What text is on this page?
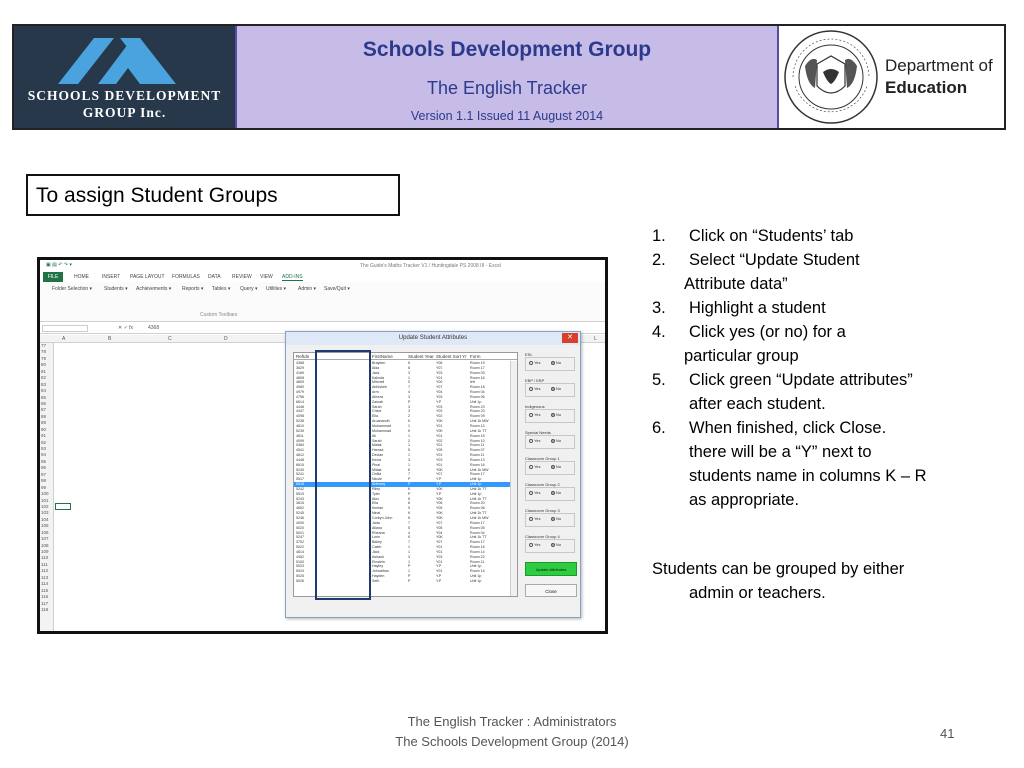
SCHOOLS DEVELOPMENT
GROUP Inc.
Schools Development Group
The English Tracker
Version 1.1 Issued 11 August 2014
Department of
Education
To assign Student Groups
▣ ▤ ↶ ↷ ▾	The Guide's Maths Tracker V1 / Huntingdale PS 2008 III - Excel
FILE	HOME	INSERT PAGE LAYOUT FORMULAS DATA REVIEW VIEW ADD-INS
Folder Selection ▾ Students ▾ Achievements ▾ Reports ▾ Tables ▾ Query ▾ Utilities ▾ Admin ▾ Save/Quit ▾
Custom Toolbars
✕ ✓ fx	4368
A	B	C	D	L
77
78
79
80
81
82
83
84
85
86
87
88
89
90
91
92
93
94
95
96
97
98
99
100
101
102
103
104
105
106
107
108
109
110
111
112
113
114
115
116
117
118
Update Student Attributes	✕
RefIdn	FirstName	Student Year Student Sort Yr Form
4368	Brayden	K	Y06	Room 19
3629	Alda	6	Y07	Room 17
4169	Jack	3	Y03	Room 03
4808	Kalinda	1	Y01	Room 16
4809	Mitchell	0	Y00	left
4980	Abhishek	7	Y07	Room 18
4979	Arm	4	Y04	Room 04
4756	Alireza	3	Y03	Room 06
6614	Zainab	P	Y.P	Unit 1p
4446	Sarah	3	Y03	Room 23
4447	Chloe	3	Y03	Room 23
4098	Ella	2	Y02	Room 09
5238	Aruanandh	K	Y0K	Unit 1k MW
4810	Muhammad	1	Y01	Room 14
5239	Muhammad	K	Y0K	Unit 1k TT
4811	Ali	1	Y01	Room 15
4099	Sarah	2	Y02	Room 10
5384	Malak	1	Y01	Room 11
4541	Hamza	5	Y05	Room 07
4812	Declan	1	Y01	Room 11
4448	Kevla	3	Y03	Room 13
6615	Pinal	1	Y01	Room 16
5240	Milala	K	Y0K	Unit 1k MW
5241	Onilla	7	Y07	Room 17
5517	Nicole	P	Y.P	Unit 1p
5518	Anthony	P	Y.P	Unit 1p
5242	Riley	K	Y0K	Unit 1k TT
5519	Tyler	P	Y.P	Unit 1p
5243	Alex	K	Y0K	Unit 1k TT
3815	Ella	6	Y06	Room 20
4652	Keelan	5	Y05	Room 06
5245	Ninal	K	Y0K	Unit 1k TT
5246	Corbyn John	K	Y0K	Unit 1k MW
4000	Jada	7	Y07	Room 17
5020	Allana	5	Y05	Room 05
5021	Rheana	4	Y04	Room 04
5247	Lorin	K	Y0K	Unit 1k TT
3702	Bailey	7	Y07	Room 17
5022	Caleb	1	Y01	Room 16
4814	Jack	1	Y01	Room 14
4452	Ashank	3	Y03	Room 22
5100	Einstein	1	Y01	Room 11
5023	Hayley	P	Y.P	Unit 1p
5024	Johnathan	1	Y01	Room 14
5025	Hayden	P	Y.P	Unit 1p
5026	Seth	P	Y.P	Unit 1p
ESL
Yes	No
EBP / EBP
Yes	No
Indigenous
Yes	No
Special Needs
Yes	No
Classroom Group 1
Yes	No
Classroom Group 2
Yes	No
Classroom Group 3
Yes	No
Classroom Group 4
Yes	No
Update Attributes
Close
1. Click on “Students’ tab
2. Select “Update Student
Attribute data”
3. Highlight a student
4. Click yes (or no) for a
particular group
5. Click green “Update attributes”
after each student.
6. When finished, click Close.
there will be a “Y” next to
students name in columns K – R
as appropriate.
Students can be grouped by either
admin or teachers.
The English Tracker : Administrators
The Schools Development Group (2014)
41
